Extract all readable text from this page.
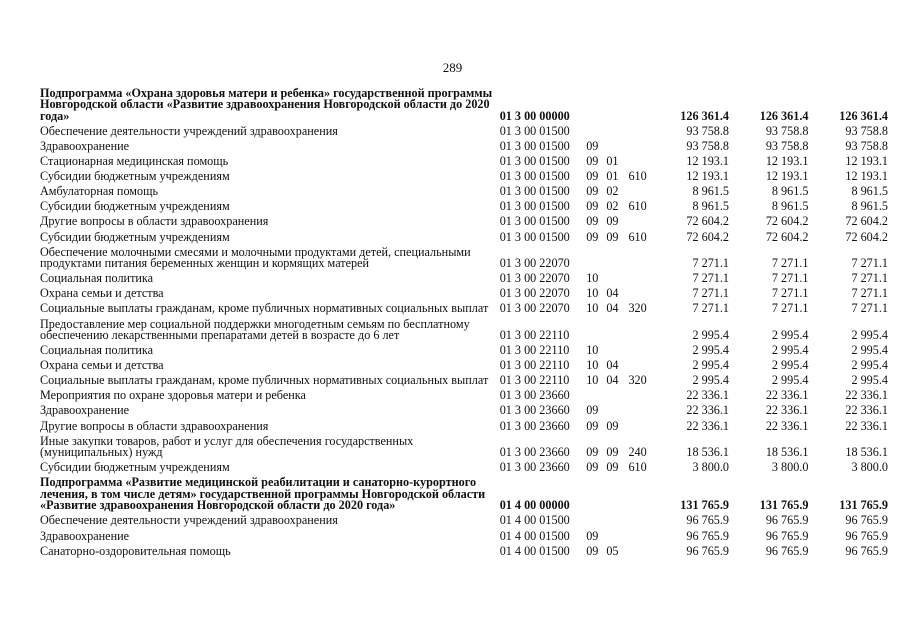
289
Подпрограмма «Охрана здоровья матери и ребенка» государственной программы Новгородской области «Развитие здравоохранения Новгородской области до 2020 года»	01 3 00 00000				126 361.4	126 361.4	126 361.4
Обеспечение деятельности учреждений здравоохранения	01 3 00 01500				93 758.8	93 758.8	93 758.8
Здравоохранение	01 3 00 01500	09			93 758.8	93 758.8	93 758.8
Стационарная медицинская помощь	01 3 00 01500	09	01		12 193.1	12 193.1	12 193.1
Субсидии бюджетным учреждениям	01 3 00 01500	09	01	610	12 193.1	12 193.1	12 193.1
Амбулаторная помощь	01 3 00 01500	09	02		8 961.5	8 961.5	8 961.5
Субсидии бюджетным учреждениям	01 3 00 01500	09	02	610	8 961.5	8 961.5	8 961.5
Другие вопросы в области здравоохранения	01 3 00 01500	09	09		72 604.2	72 604.2	72 604.2
Субсидии бюджетным учреждениям	01 3 00 01500	09	09	610	72 604.2	72 604.2	72 604.2
Обеспечение молочными смесями и молочными продуктами детей, специальными продуктами питания беременных женщин и кормящих матерей	01 3 00 22070				7 271.1	7 271.1	7 271.1
Социальная политика	01 3 00 22070	10			7 271.1	7 271.1	7 271.1
Охрана семьи и детства	01 3 00 22070	10	04		7 271.1	7 271.1	7 271.1
Социальные выплаты гражданам, кроме публичных нормативных социальных выплат	01 3 00 22070	10	04	320	7 271.1	7 271.1	7 271.1
Предоставление мер социальной поддержки многодетным семьям по бесплатному обеспечению лекарственными препаратами детей в возрасте до 6 лет	01 3 00 22110				2 995.4	2 995.4	2 995.4
Социальная политика	01 3 00 22110	10			2 995.4	2 995.4	2 995.4
Охрана семьи и детства	01 3 00 22110	10	04		2 995.4	2 995.4	2 995.4
Социальные выплаты гражданам, кроме публичных нормативных социальных выплат	01 3 00 22110	10	04	320	2 995.4	2 995.4	2 995.4
Мероприятия по охране здоровья матери и ребенка	01 3 00 23660				22 336.1	22 336.1	22 336.1
Здравоохранение	01 3 00 23660	09			22 336.1	22 336.1	22 336.1
Другие вопросы в области здравоохранения	01 3 00 23660	09	09		22 336.1	22 336.1	22 336.1
Иные закупки товаров, работ и услуг для обеспечения государственных (муниципальных) нужд	01 3 00 23660	09	09	240	18 536.1	18 536.1	18 536.1
Субсидии бюджетным учреждениям	01 3 00 23660	09	09	610	3 800.0	3 800.0	3 800.0
Подпрограмма «Развитие медицинской реабилитации и санаторно-курортного лечения, в том числе детям» государственной программы Новгородской области «Развитие здравоохранения Новгородской области до 2020 года»	01 4 00 00000				131 765.9	131 765.9	131 765.9
Обеспечение деятельности учреждений здравоохранения	01 4 00 01500				96 765.9	96 765.9	96 765.9
Здравоохранение	01 4 00 01500	09			96 765.9	96 765.9	96 765.9
Санаторно-оздоровительная помощь	01 4 00 01500	09	05		96 765.9	96 765.9	96 765.9
